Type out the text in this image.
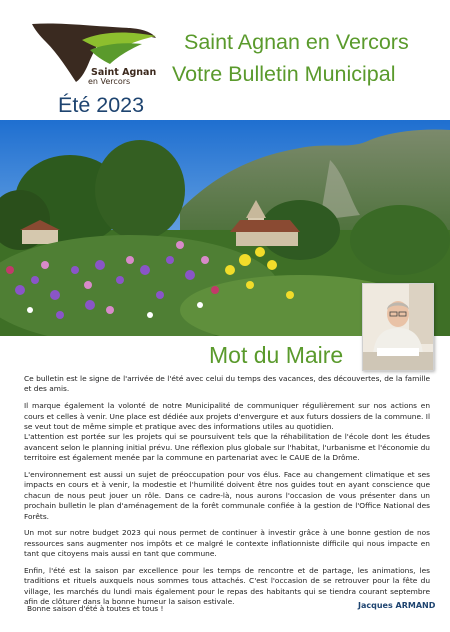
Saint Agnan
en Vercors
Saint Agnan en Vercors
Votre Bulletin Municipal
Été 2023
Mot du Maire

Ce bulletin est le signe de l'arrivée de l'été avec celui du temps des vacances, des découvertes, de la famille et des amis.

Il marque également la volonté de notre Municipalité de communiquer régulièrement sur nos actions en cours et celles à venir. Une place est dédiée aux projets d'envergure et aux futurs dossiers de la commune. Il se veut tout de même simple et pratique avec des informations utiles au quotidien.

L'attention est portée sur les projets qui se poursuivent tels que la réhabilitation de l'école dont les études avancent selon le planning initial prévu. Une réflexion plus globale sur l'habitat, l'urbanisme et l'économie du territoire est également menée par la commune en partenariat avec le CAUE de la Drôme.

L'environnement est aussi un sujet de préoccupation pour vos élus. Face au changement climatique et ses impacts en cours et à venir, la modestie et l'humilité doivent être nos guides tout en ayant conscience que chacun de nous peut jouer un rôle. Dans ce cadre-là, nous aurons l'occasion de vous présenter dans un prochain bulletin le plan d'aménagement de la forêt communale confiée à la gestion de l'Office National des Forêts.

Un mot sur notre budget 2023 qui nous permet de continuer à investir grâce à une bonne gestion de nos ressources sans augmenter nos impôts et ce malgré le contexte inflationniste difficile qui nous impacte en tant que citoyens mais aussi en tant que commune.

Enfin, l'été est la saison par excellence pour les temps de rencontre et de partage, les animations, les traditions et rituels auxquels nous sommes tous attachés. C'est l'occasion de se retrouver pour la fête du village, les marchés du lundi mais également pour le repas des habitants qui se tiendra courant septembre afin de clôturer dans la bonne humeur la saison estivale.

Bonne saison d'été à toutes et tous !	Jacques ARMAND
